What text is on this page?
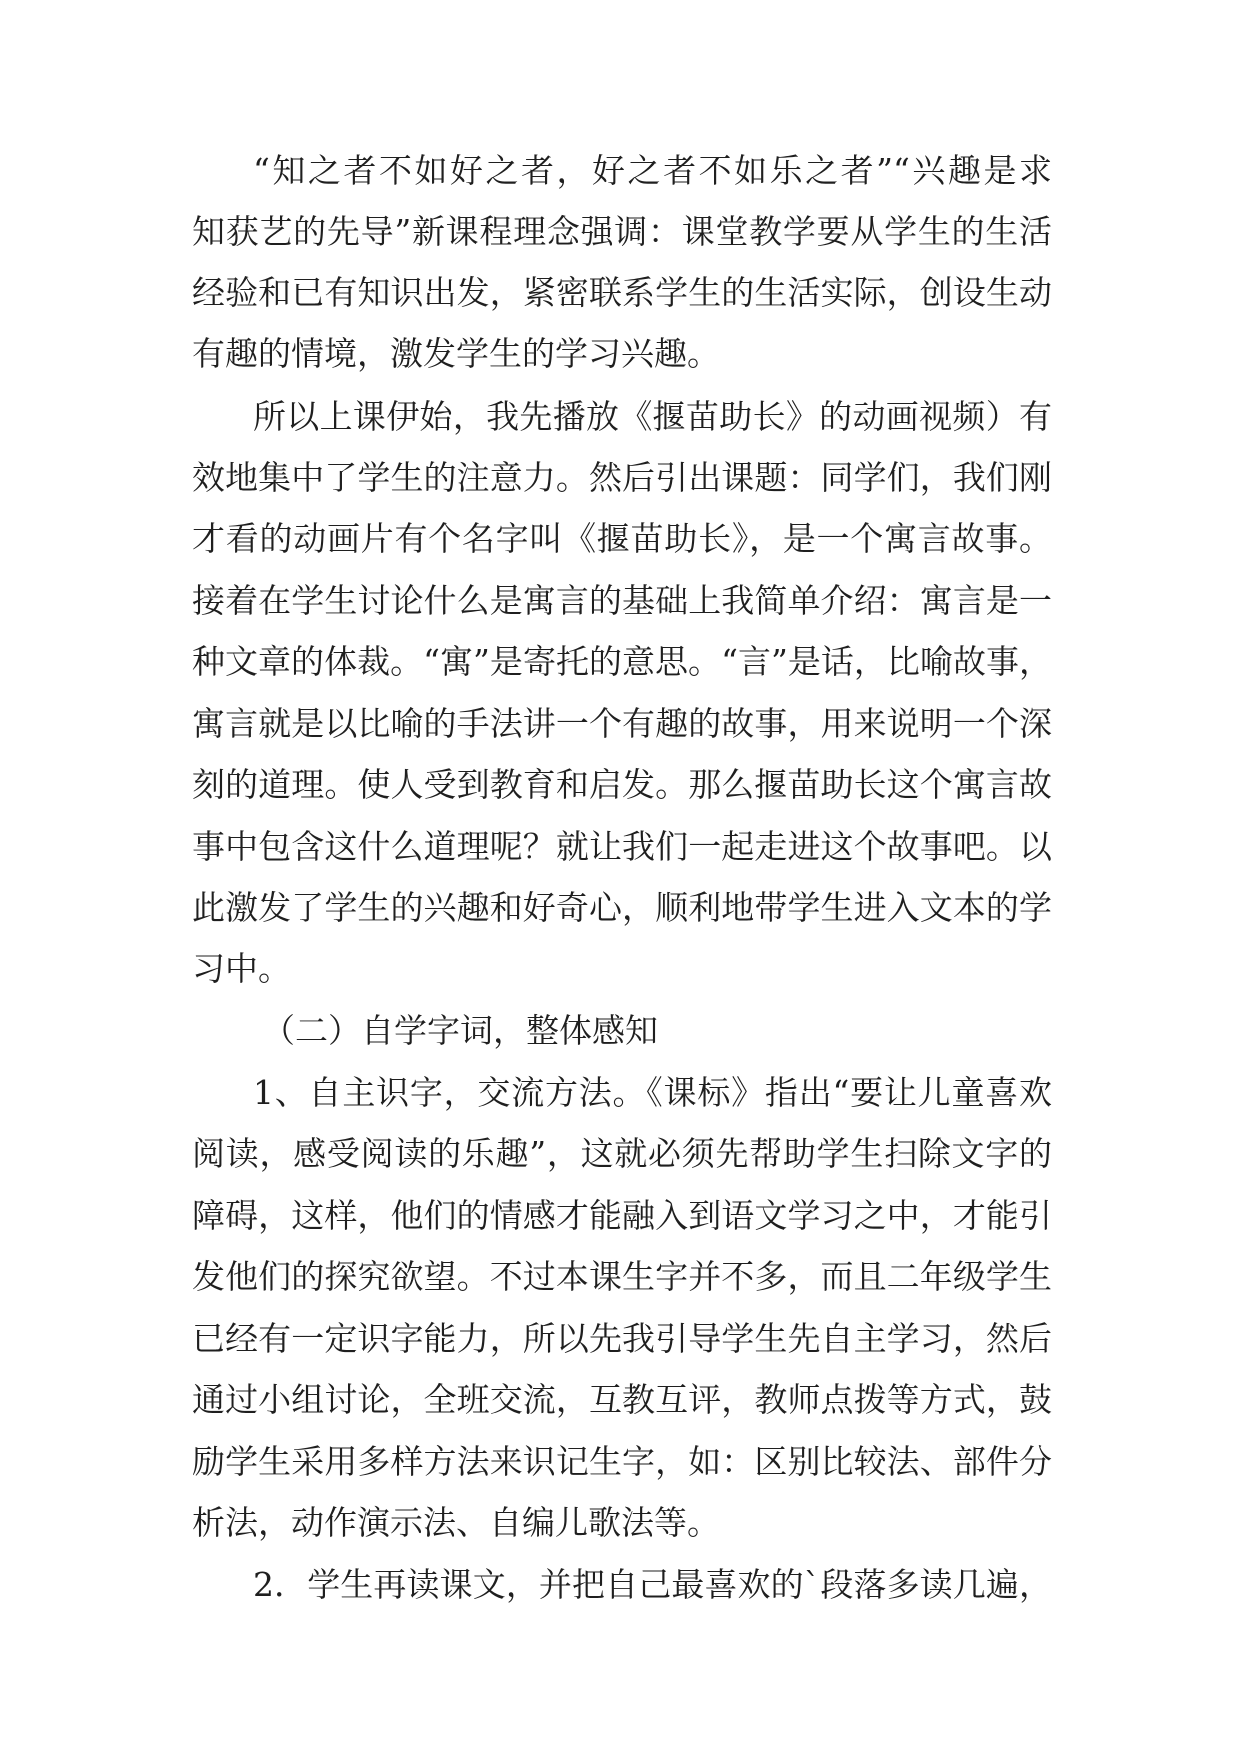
“知之者不如好之者，好之者不如乐之者”“兴趣是求

知获艺的先导”新课程理念强调：课堂教学要从学生的生活

经验和已有知识出发，紧密联系学生的生活实际，创设生动

有趣的情境，激发学生的学习兴趣。

所以上课伊始，我先播放《揠苗助长》的动画视频）有

效地集中了学生的注意力。然后引出课题：同学们，我们刚

才看的动画片有个名字叫《揠苗助长》，是一个寓言故事。

接着在学生讨论什么是寓言的基础上我简单介绍：寓言是一

种文章的体裁。“寓”是寄托的意思。“言”是话，比喻故事，

寓言就是以比喻的手法讲一个有趣的故事，用来说明一个深

刻的道理。使人受到教育和启发。那么揠苗助长这个寓言故

事中包含这什么道理呢？就让我们一起走进这个故事吧。以

此激发了学生的兴趣和好奇心，顺利地带学生进入文本的学

习中。

（二）自学字词，整体感知

1、自主识字，交流方法。《课标》指出“要让儿童喜欢

阅读，感受阅读的乐趣”，这就必须先帮助学生扫除文字的

障碍，这样，他们的情感才能融入到语文学习之中，才能引

发他们的探究欲望。不过本课生字并不多，而且二年级学生

已经有一定识字能力，所以先我引导学生先自主学习，然后

通过小组讨论，全班交流，互教互评，教师点拨等方式，鼓

励学生采用多样方法来识记生字，如：区别比较法、部件分

析法，动作演示法、自编儿歌法等。

2．学生再读课文，并把自己最喜欢的`段落多读几遍，
